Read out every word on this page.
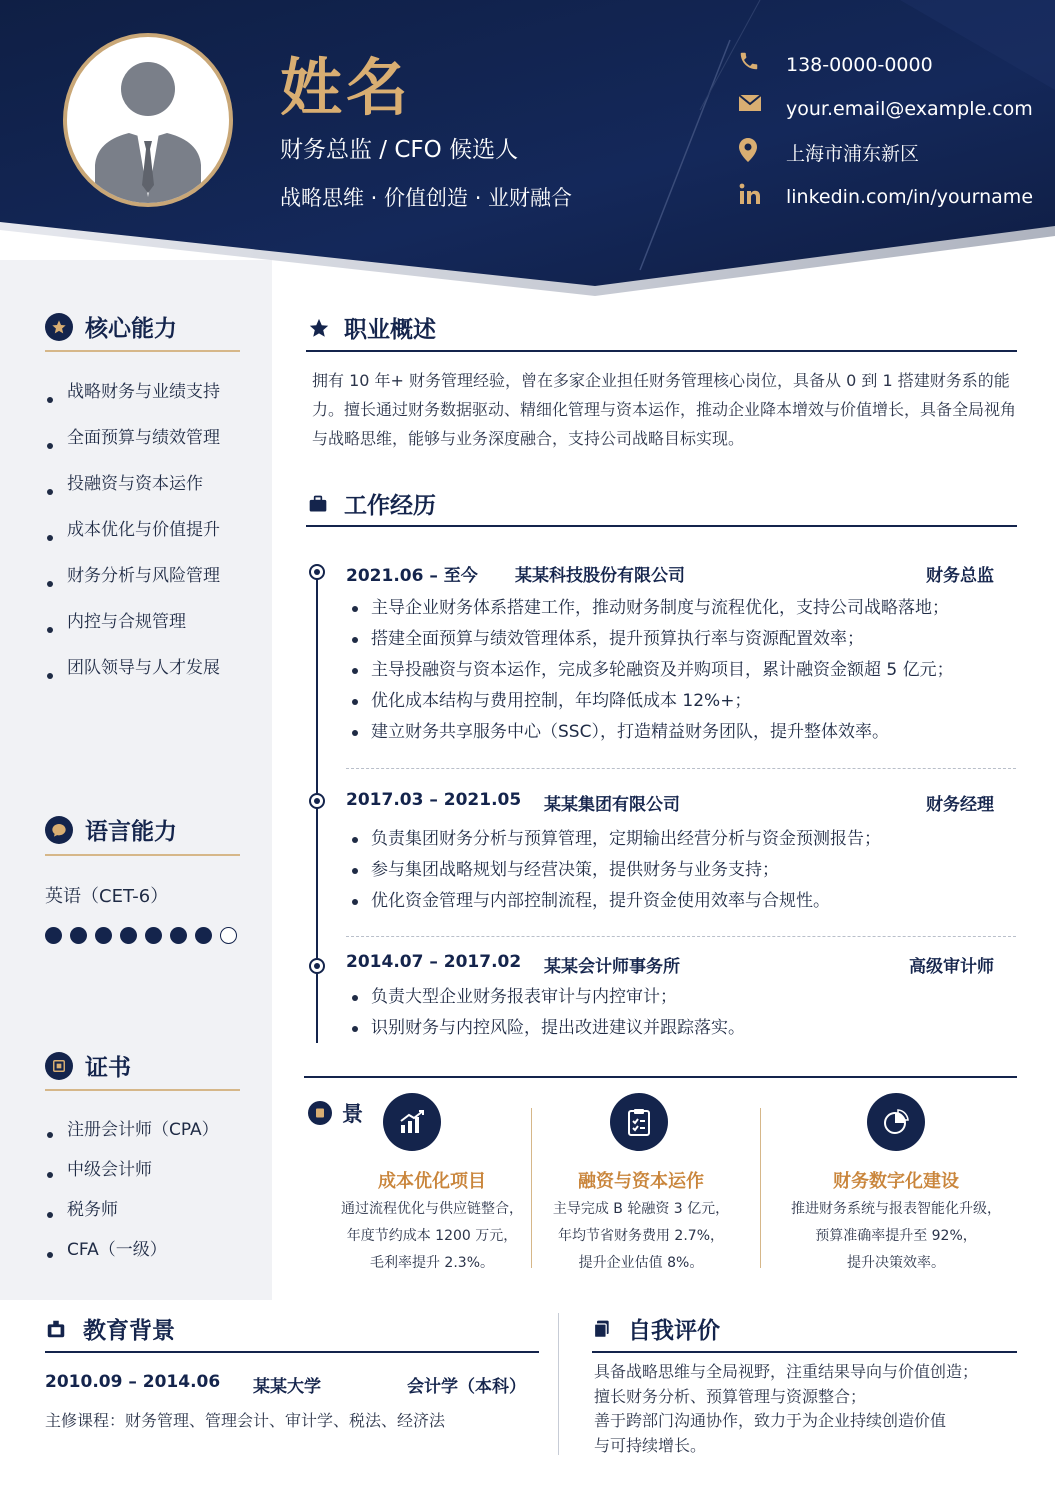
姓名
财务总监 / CFO 候选人
战略思维 · 价值创造 · 业财融合
138-0000-0000
your.email@example.com
上海市浦东新区
linkedin.com/in/yourname
核心能力
战略财务与业绩支持
全面预算与绩效管理
投融资与资本运作
成本优化与价值提升
财务分析与风险管理
内控与合规管理
团队领导与人才发展
语言能力
英语（CET-6）
证书
注册会计师（CPA）
中级会计师
税务师
CFA（一级）
职业概述
拥有 10 年+ 财务管理经验，曾在多家企业担任财务管理核心岗位，具备从 0 到 1 搭建财务系的能力。擅长通过财务数据驱动、精细化管理与资本运作，推动企业降本增效与价值增长，具备全局视角与战略思维，能够与业务深度融合，支持公司战略目标实现。
工作经历
2021.06 – 至今 某某科技股份有限公司	财务总监
主导企业财务体系搭建工作，推动财务制度与流程优化，支持公司战略落地；
搭建全面预算与绩效管理体系，提升预算执行率与资源配置效率；
主导投融资与资本运作，完成多轮融资及并购项目，累计融资金额超 5 亿元；
优化成本结构与费用控制，年均降低成本 12%+；
建立财务共享服务中心（SSC），打造精益财务团队，提升整体效率。
2017.03 – 2021.05 某某集团有限公司	财务经理
负责集团财务分析与预算管理，定期输出经营分析与资金预测报告；
参与集团战略规划与经营决策，提供财务与业务支持；
优化资金管理与内部控制流程，提升资金使用效率与合规性。
2014.07 – 2017.02 某某会计师事务所	高级审计师
负责大型企业财务报表审计与内控审计；
识别财务与内控风险，提出改进建议并跟踪落实。
景
成本优化项目
通过流程优化与供应链整合，
年度节约成本 1200 万元，
毛利率提升 2.3%。
融资与资本运作
主导完成 B 轮融资 3 亿元，
年均节省财务费用 2.7%，
提升企业估值 8%。
财务数字化建设
推进财务系统与报表智能化升级，
预算准确率提升至 92%，
提升决策效率。
教育背景
2010.09 – 2014.06 某某大学	会计学（本科）
主修课程：财务管理、管理会计、审计学、税法、经济法
自我评价
具备战略思维与全局视野，注重结果导向与价值创造；
擅长财务分析、预算管理与资源整合；
善于跨部门沟通协作，致力于为企业持续创造价值
与可持续增长。
